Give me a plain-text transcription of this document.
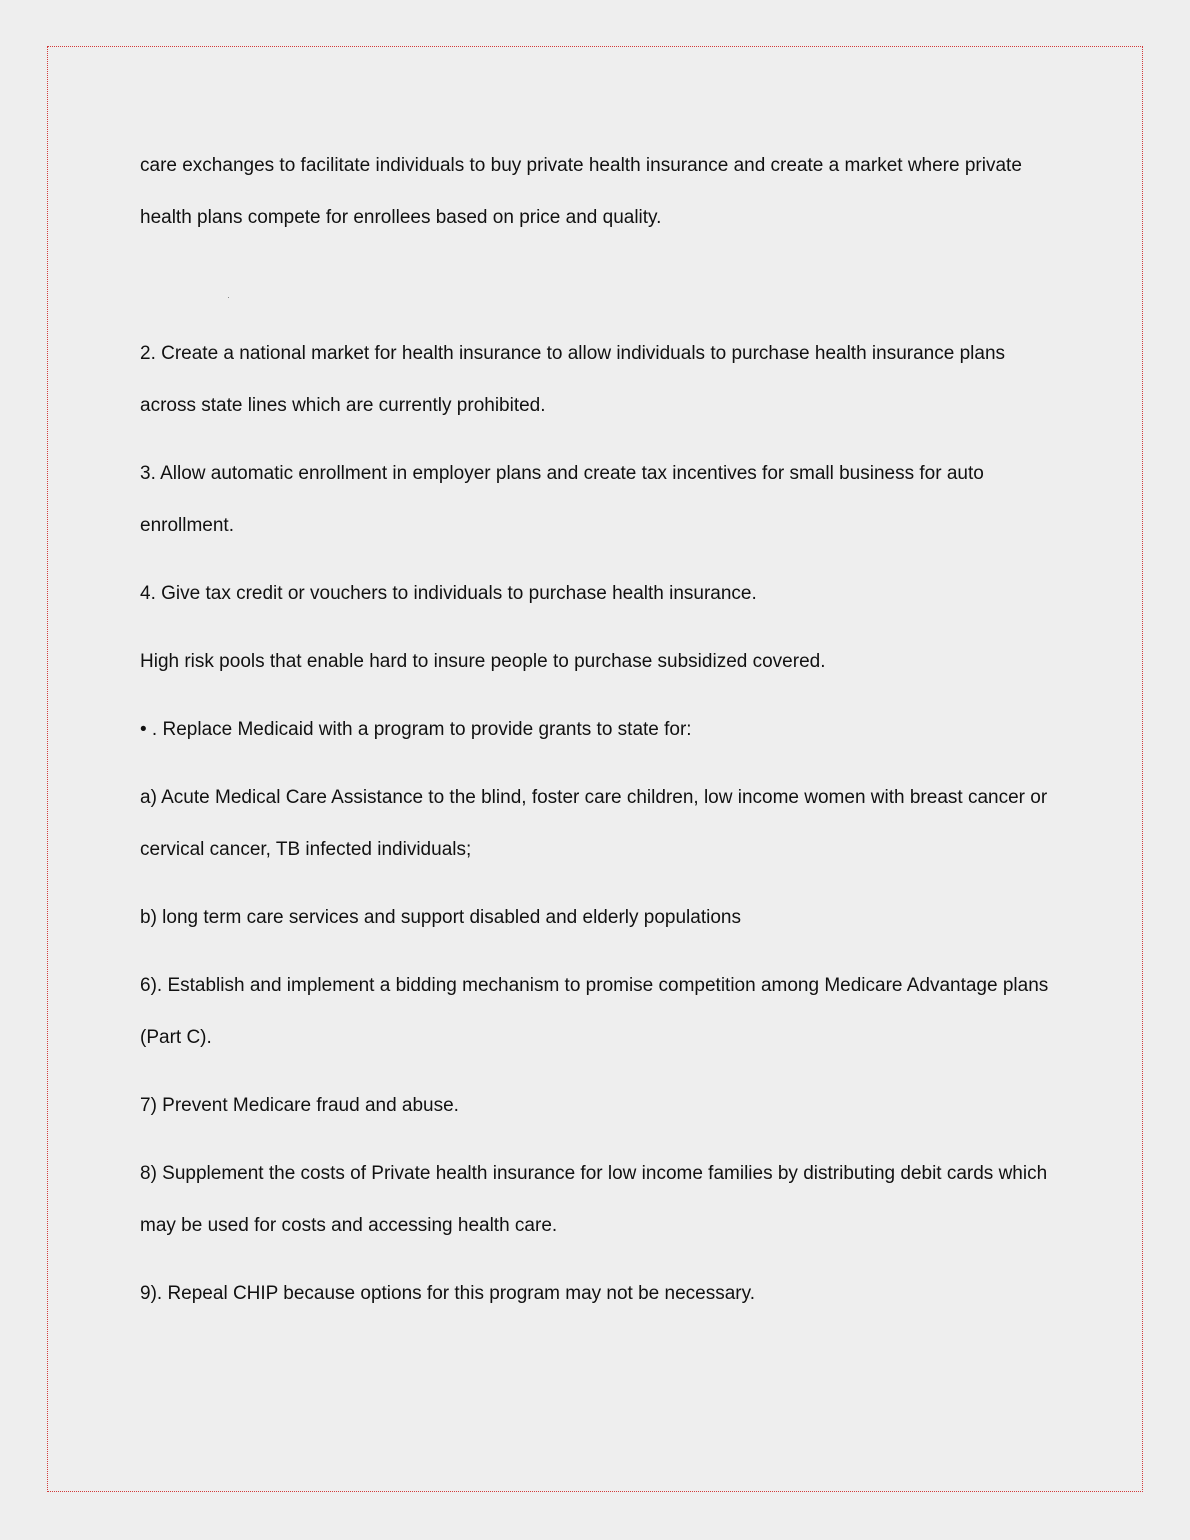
care exchanges to facilitate individuals to buy private health insurance and create a market where private health plans compete for enrollees based on price and quality.

2. Create a national market for health insurance to allow individuals to purchase health insurance plans across state lines which are currently prohibited.

3. Allow automatic enrollment in employer plans and create tax incentives for small business for auto enrollment.

4. Give tax credit or vouchers to individuals to purchase health insurance.

High risk pools that enable hard to insure people to purchase subsidized covered.

• . Replace Medicaid with a program to provide grants to state for:

a) Acute Medical Care Assistance to the blind, foster care children, low income women with breast cancer or cervical cancer, TB infected individuals;

b) long term care services and support disabled and elderly populations

6). Establish and implement a bidding mechanism to promise competition among Medicare Advantage plans (Part C).

7) Prevent Medicare fraud and abuse.

8) Supplement the costs of Private health insurance for low income families by distributing debit cards which may be used for costs and accessing health care.

9). Repeal CHIP because options for this program may not be necessary.
